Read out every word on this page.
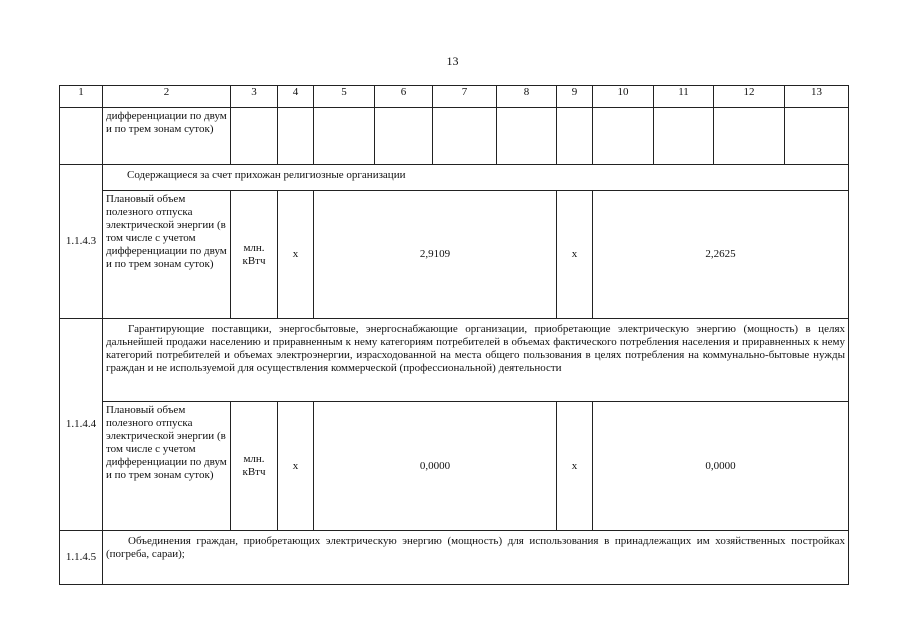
13
1	2	3	4	5	6	7	8	9	10	11	12	13
	дифференциации по двум и по трем зонам суток)											
1.1.4.3	Содержащиеся за счет прихожан религиозные организации											
	Плановый объем полезного отпуска электрической энергии (в том числе с учетом дифференциации по двум и по трем зонам суток)	млн. кВтч	х	2,9109				х	2,2625			
1.1.4.4	Гарантирующие поставщики, энергосбытовые, энергоснабжающие организации, приобретающие электрическую энергию (мощность) в целях дальнейшей продажи населению и приравненным к нему категориям потребителей в объемах фактического потребления населения и приравненных к нему категорий потребителей и объемах электроэнергии, израсходованной на места общего пользования в целях потребления на коммунально-бытовые нужды граждан и не используемой для осуществления коммерческой (профессиональной) деятельности											
	Плановый объем полезного отпуска электрической энергии (в том числе с учетом дифференциации по двум и по трем зонам суток)	млн. кВтч	х	0,0000				х	0,0000			
1.1.4.5	Объединения граждан, приобретающих электрическую энергию (мощность) для использования в принадлежащих им хозяйственных постройках (погреба, сараи);											
